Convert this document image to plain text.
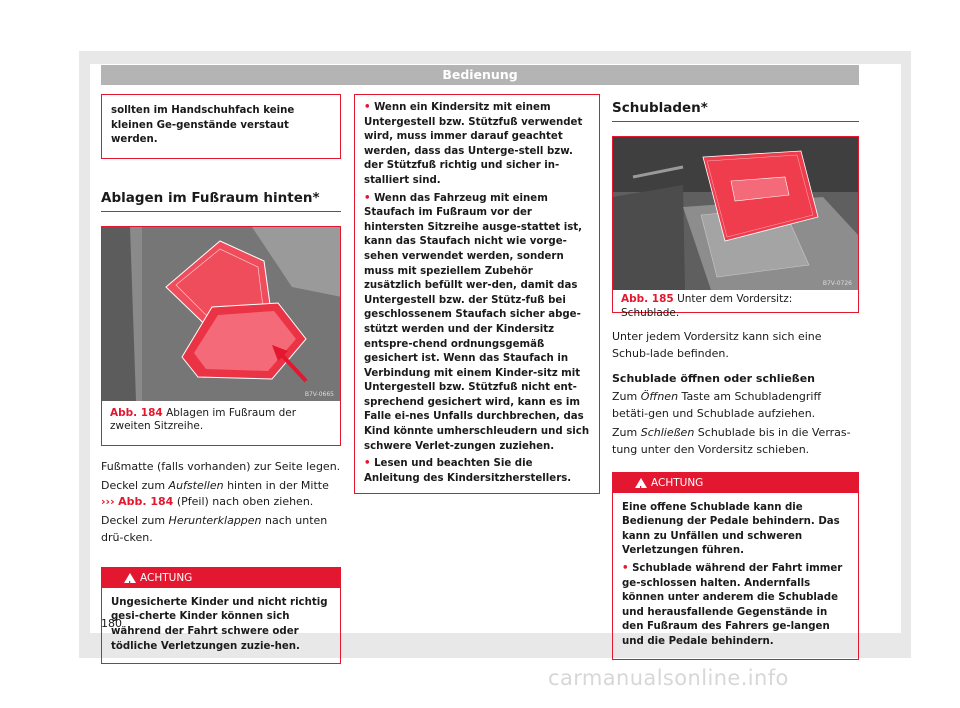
Bedienung
sollten im Handschuhfach keine kleinen Ge-genstände verstaut werden.
Ablagen im Fußraum hinten*
B7V-0665
Abb. 184 Ablagen im Fußraum der zweiten Sitzreihe.

Fußmatte (falls vorhanden) zur Seite legen.

Deckel zum Aufstellen hinten in der Mitte ››› Abb. 184 (Pfeil) nach oben ziehen.

Deckel zum Herunterklappen nach unten drü-cken.

!
ACHTUNG
Ungesicherte Kinder und nicht richtig gesi-cherte Kinder können sich während der Fahrt schwere oder tödliche Verletzungen zuzie-hen.
• Wenn ein Kindersitz mit einem Untergestell bzw. Stützfuß verwendet wird, muss immer darauf geachtet werden, dass das Unterge-stell bzw. der Stützfuß richtig und sicher in-stalliert sind.
• Wenn das Fahrzeug mit einem Staufach im Fußraum vor der hintersten Sitzreihe ausge-stattet ist, kann das Staufach nicht wie vorge-sehen verwendet werden, sondern muss mit speziellem Zubehör zusätzlich befüllt wer-den, damit das Untergestell bzw. der Stütz-fuß bei geschlossenem Staufach sicher abge-stützt werden und der Kindersitz entspre-chend ordnungsgemäß gesichert ist. Wenn das Staufach in Verbindung mit einem Kinder-sitz mit Untergestell bzw. Stützfuß nicht ent-sprechend gesichert wird, kann es im Falle ei-nes Unfalls durchbrechen, das Kind könnte umherschleudern und sich schwere Verlet-zungen zuziehen.
• Lesen und beachten Sie die Anleitung des Kindersitzherstellers.
Schubladen*
B7V-0726
Abb. 185 Unter dem Vordersitz: Schublade.

Unter jedem Vordersitz kann sich eine Schub-lade befinden.

Schublade öffnen oder schließen

Zum Öffnen Taste am Schubladengriff betäti-gen und Schublade aufziehen.

Zum Schließen Schublade bis in die Verras-tung unter den Vordersitz schieben.

!
ACHTUNG
Eine offene Schublade kann die Bedienung der Pedale behindern. Das kann zu Unfällen und schweren Verletzungen führen.
• Schublade während der Fahrt immer ge-schlossen halten. Andernfalls können unter anderem die Schublade und herausfallende Gegenstände in den Fußraum des Fahrers ge-langen und die Pedale behindern.
180
carmanualsonline.info
